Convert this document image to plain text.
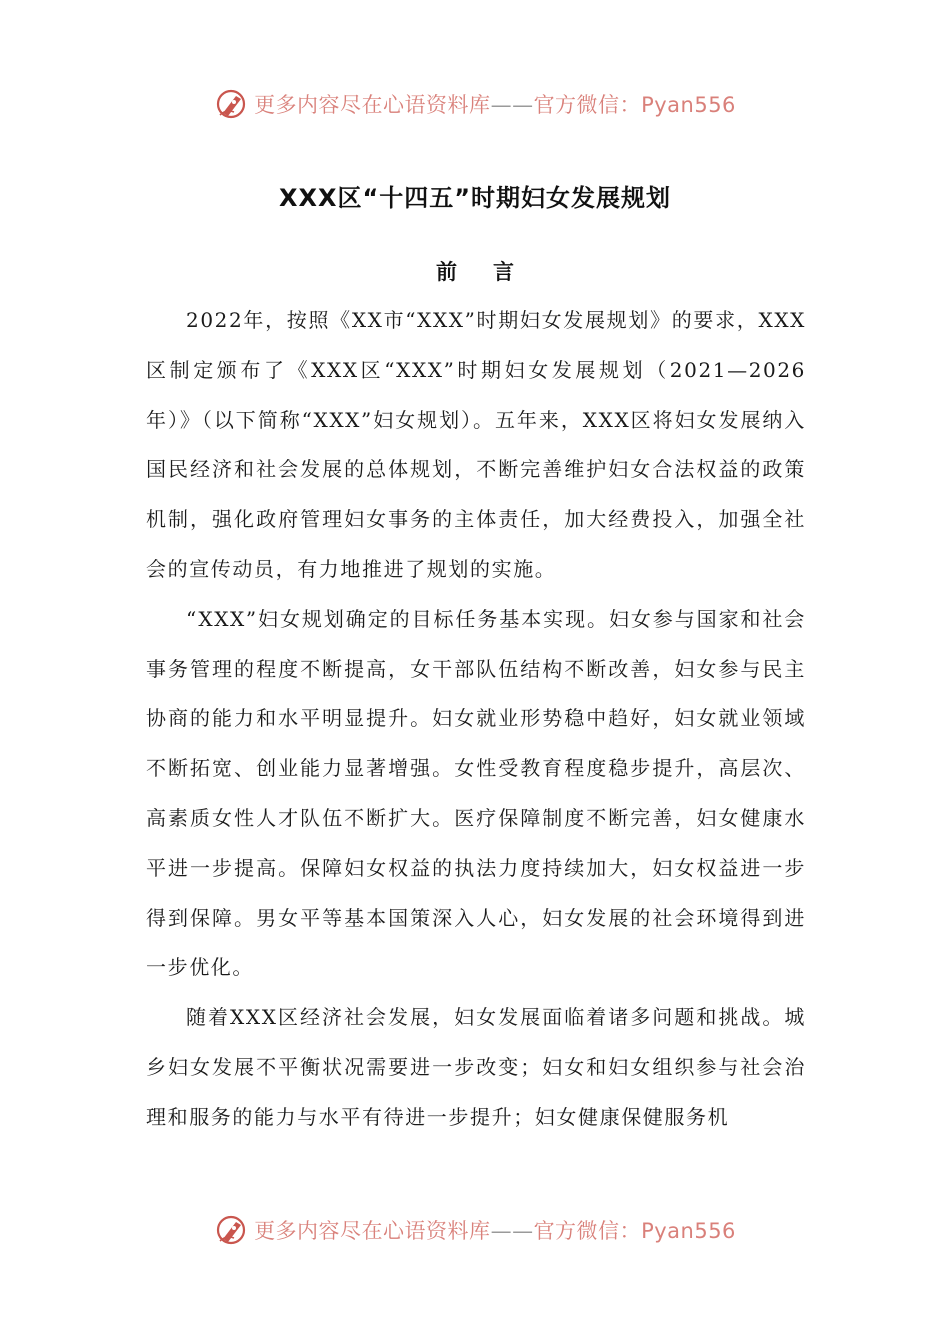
更多内容尽在心语资料库——官方微信：Pyan556
XXX区“十四五”时期妇女发展规划
前言

2022年，按照《XX市“XXX”时期妇女发展规划》的要求，XXX区制定颁布了《XXX区“XXX”时期妇女发展规划（2021—2026年）》（以下简称“XXX”妇女规划）。五年来，XXX区将妇女发展纳入国民经济和社会发展的总体规划，不断完善维护妇女合法权益的政策机制，强化政府管理妇女事务的主体责任，加大经费投入，加强全社会的宣传动员，有力地推进了规划的实施。

“XXX”妇女规划确定的目标任务基本实现。妇女参与国家和社会事务管理的程度不断提高，女干部队伍结构不断改善，妇女参与民主协商的能力和水平明显提升。妇女就业形势稳中趋好，妇女就业领域不断拓宽、创业能力显著增强。女性受教育程度稳步提升，高层次、高素质女性人才队伍不断扩大。医疗保障制度不断完善，妇女健康水平进一步提高。保障妇女权益的执法力度持续加大，妇女权益进一步得到保障。男女平等基本国策深入人心，妇女发展的社会环境得到进一步优化。

随着XXX区经济社会发展，妇女发展面临着诸多问题和挑战。城乡妇女发展不平衡状况需要进一步改变；妇女和妇女组织参与社会治理和服务的能力与水平有待进一步提升；妇女健康保健服务机

更多内容尽在心语资料库——官方微信：Pyan556
